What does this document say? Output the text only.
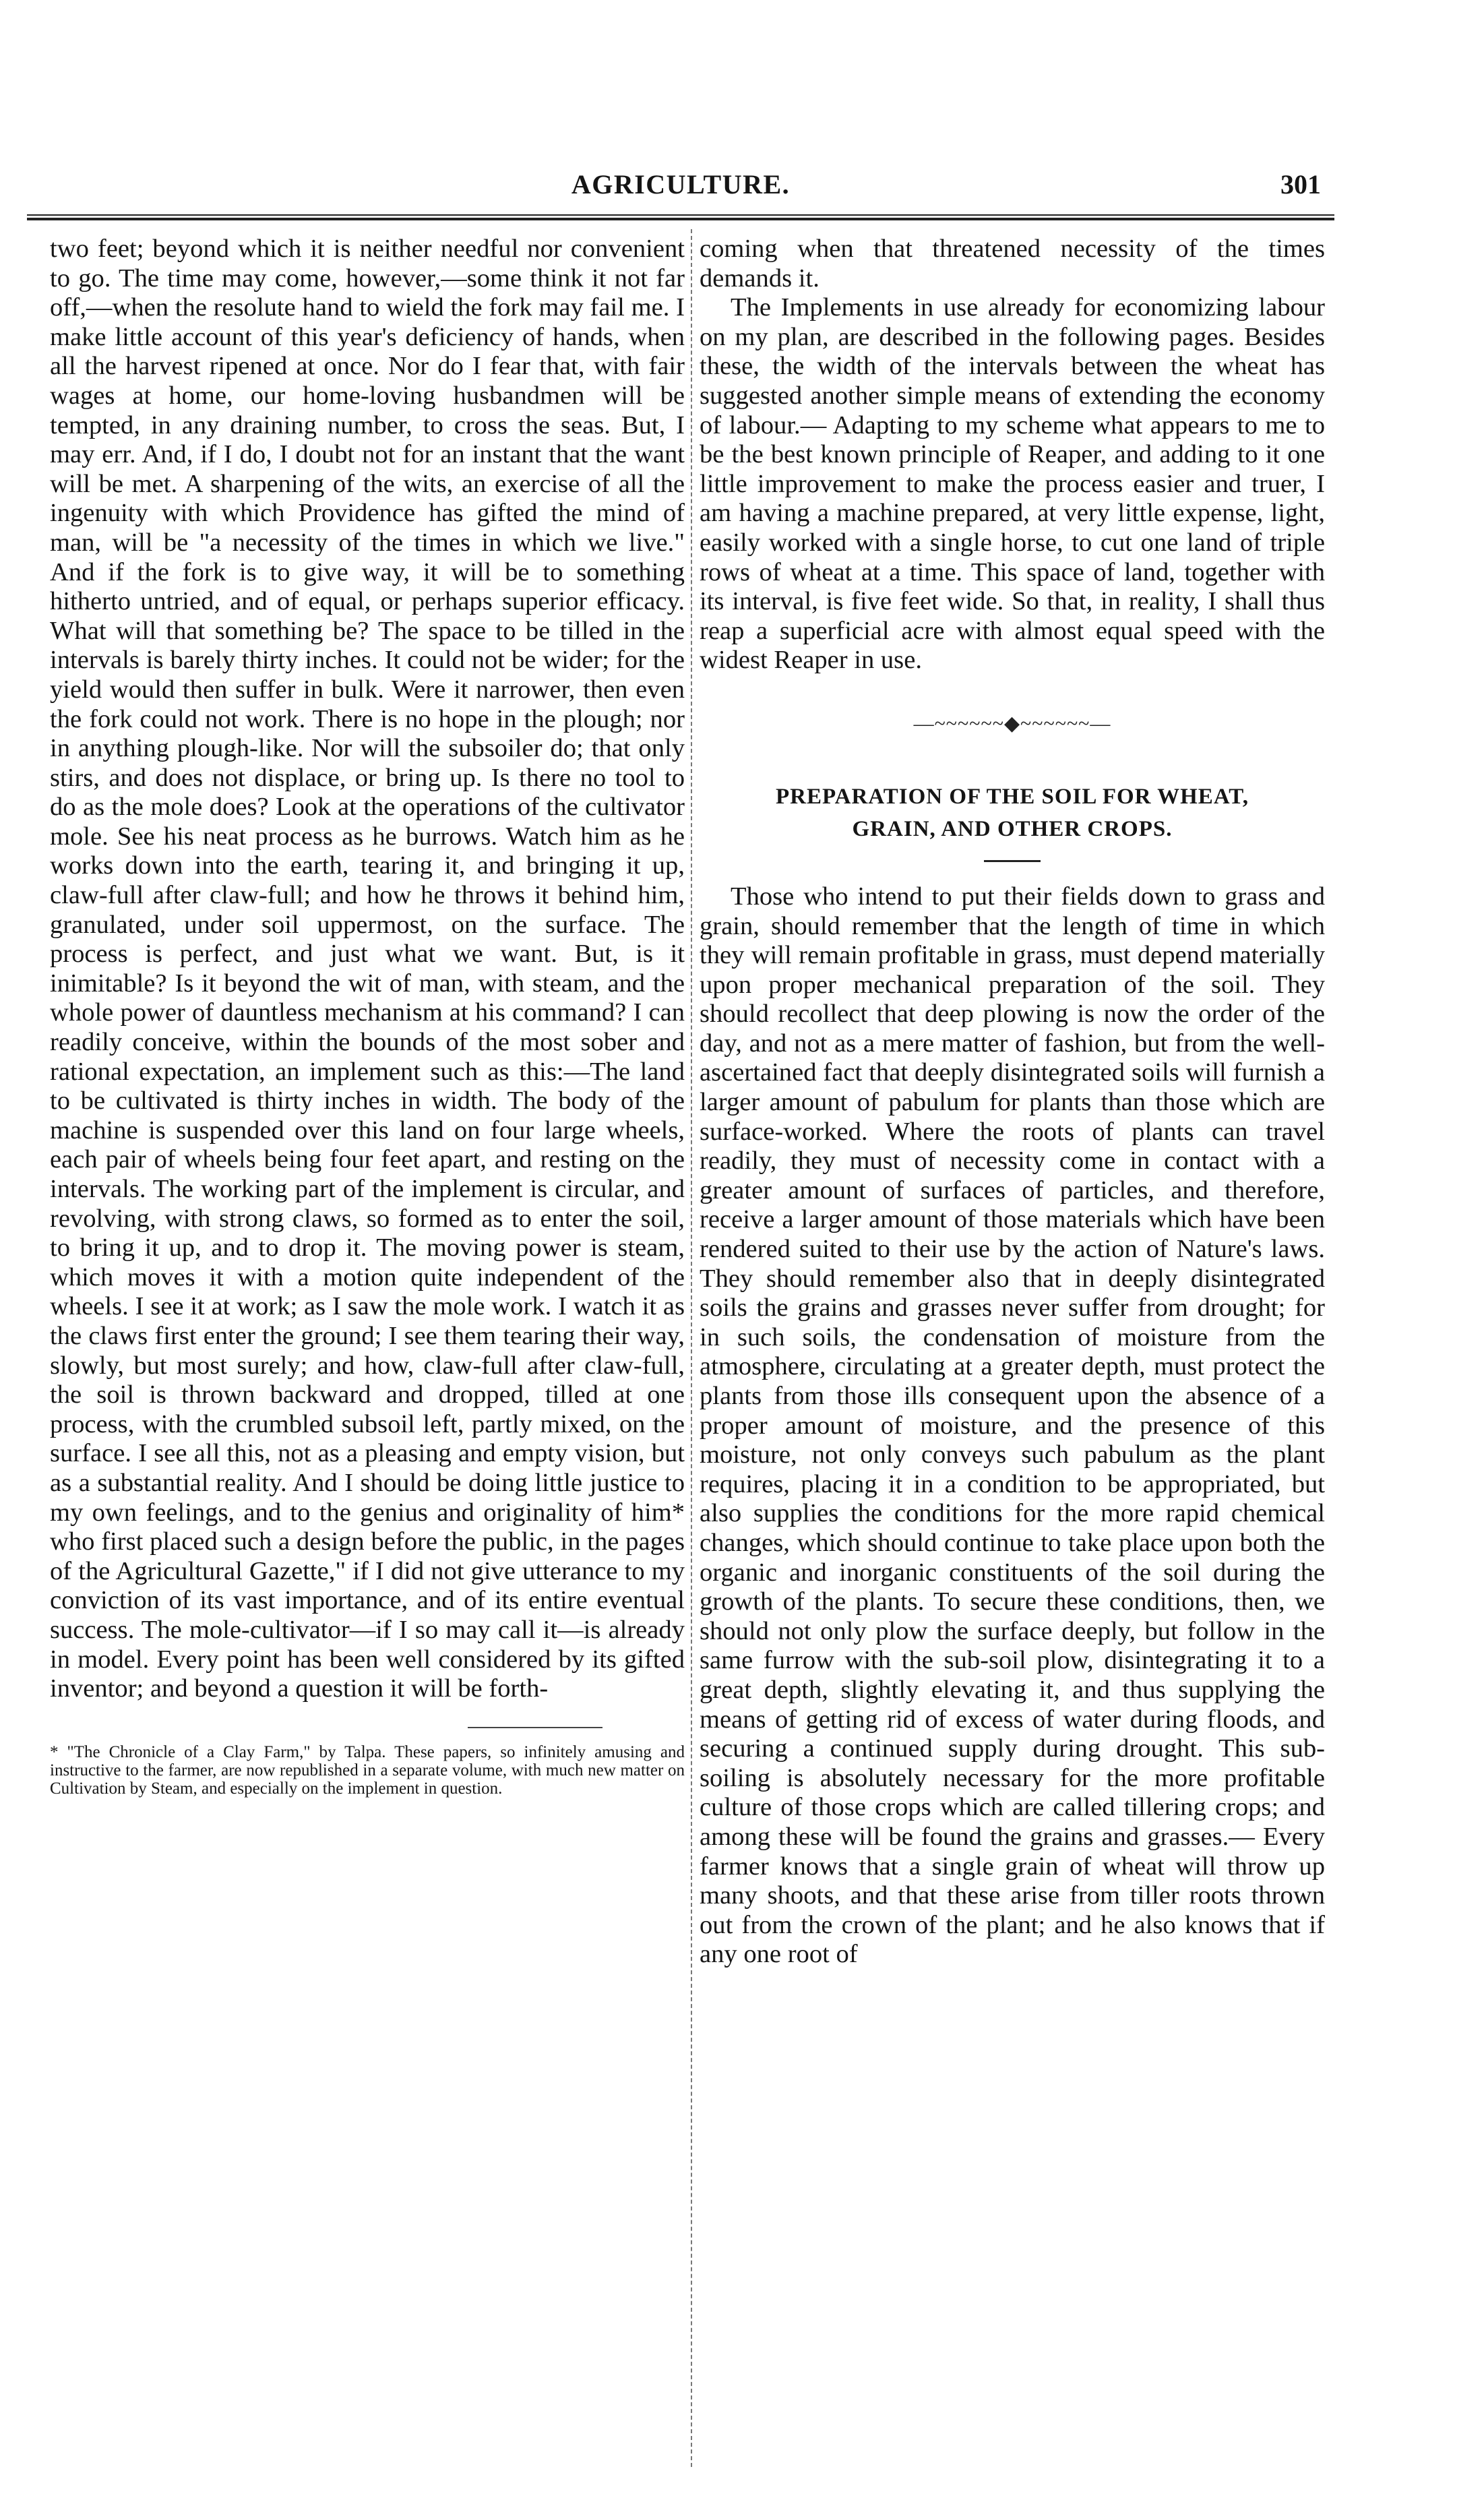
AGRICULTURE.	301

two feet; beyond which it is neither needful nor convenient to go. The time may come, however,—some think it not far off,—when the resolute hand to wield the fork may fail me. I make little account of this year's deficiency of hands, when all the harvest ripened at once. Nor do I fear that, with fair wages at home, our home-loving husbandmen will be tempted, in any draining number, to cross the seas. But, I may err. And, if I do, I doubt not for an instant that the want will be met. A sharpening of the wits, an exercise of all the ingenuity with which Providence has gifted the mind of man, will be "a necessity of the times in which we live." And if the fork is to give way, it will be to something hitherto untried, and of equal, or perhaps superior efficacy. What will that something be? The space to be tilled in the intervals is barely thirty inches. It could not be wider; for the yield would then suffer in bulk. Were it narrower, then even the fork could not work. There is no hope in the plough; nor in anything plough-like. Nor will the subsoiler do; that only stirs, and does not displace, or bring up. Is there no tool to do as the mole does? Look at the operations of the cultivator mole. See his neat process as he burrows. Watch him as he works down into the earth, tearing it, and bringing it up, claw-full after claw-full; and how he throws it behind him, granulated, under soil uppermost, on the surface. The process is perfect, and just what we want. But, is it inimitable? Is it beyond the wit of man, with steam, and the whole power of dauntless mechanism at his command? I can readily conceive, within the bounds of the most sober and rational expectation, an implement such as this:—The land to be cultivated is thirty inches in width. The body of the machine is suspended over this land on four large wheels, each pair of wheels being four feet apart, and resting on the intervals. The working part of the implement is circular, and revolving, with strong claws, so formed as to enter the soil, to bring it up, and to drop it. The moving power is steam, which moves it with a motion quite independent of the wheels. I see it at work; as I saw the mole work. I watch it as the claws first enter the ground; I see them tearing their way, slowly, but most surely; and how, claw-full after claw-full, the soil is thrown backward and dropped, tilled at one process, with the crumbled subsoil left, partly mixed, on the surface. I see all this, not as a pleasing and empty vision, but as a substantial reality. And I should be doing little justice to my own feelings, and to the genius and originality of him* who first placed such a design before the public, in the pages of the Agricultural Gazette," if I did not give utterance to my conviction of its vast importance, and of its entire eventual success. The mole-cultivator—if I so may call it—is already in model. Every point has been well considered by its gifted inventor; and beyond a question it will be forth-

* "The Chronicle of a Clay Farm," by Talpa. These papers, so infinitely amusing and instructive to the farmer, are now republished in a separate volume, with much new matter on Cultivation by Steam, and especially on the implement in question.

coming when that threatened necessity of the times demands it.

The Implements in use already for economizing labour on my plan, are described in the following pages. Besides these, the width of the intervals between the wheat has suggested another simple means of extending the economy of labour.— Adapting to my scheme what appears to me to be the best known principle of Reaper, and adding to it one little improvement to make the process easier and truer, I am having a machine prepared, at very little expense, light, easily worked with a single horse, to cut one land of triple rows of wheat at a time. This space of land, together with its interval, is five feet wide. So that, in reality, I shall thus reap a superficial acre with almost equal speed with the widest Reaper in use.

—~~~~~~◆~~~~~~—
PREPARATION OF THE SOIL FOR WHEAT,
GRAIN, AND OTHER CROPS.

Those who intend to put their fields down to grass and grain, should remember that the length of time in which they will remain profitable in grass, must depend materially upon proper mechanical preparation of the soil. They should recollect that deep plowing is now the order of the day, and not as a mere matter of fashion, but from the well-ascertained fact that deeply disintegrated soils will furnish a larger amount of pabulum for plants than those which are surface-worked. Where the roots of plants can travel readily, they must of necessity come in contact with a greater amount of surfaces of particles, and therefore, receive a larger amount of those materials which have been rendered suited to their use by the action of Nature's laws. They should remember also that in deeply disintegrated soils the grains and grasses never suffer from drought; for in such soils, the condensation of moisture from the atmosphere, circulating at a greater depth, must protect the plants from those ills consequent upon the absence of a proper amount of moisture, and the presence of this moisture, not only conveys such pabulum as the plant requires, placing it in a condition to be appropriated, but also supplies the conditions for the more rapid chemical changes, which should continue to take place upon both the organic and inorganic constituents of the soil during the growth of the plants. To secure these conditions, then, we should not only plow the surface deeply, but follow in the same furrow with the sub-soil plow, disintegrating it to a great depth, slightly elevating it, and thus supplying the means of getting rid of excess of water during floods, and securing a continued supply during drought. This sub-soiling is absolutely necessary for the more profitable culture of those crops which are called tillering crops; and among these will be found the grains and grasses.— Every farmer knows that a single grain of wheat will throw up many shoots, and that these arise from tiller roots thrown out from the crown of the plant; and he also knows that if any one root of
